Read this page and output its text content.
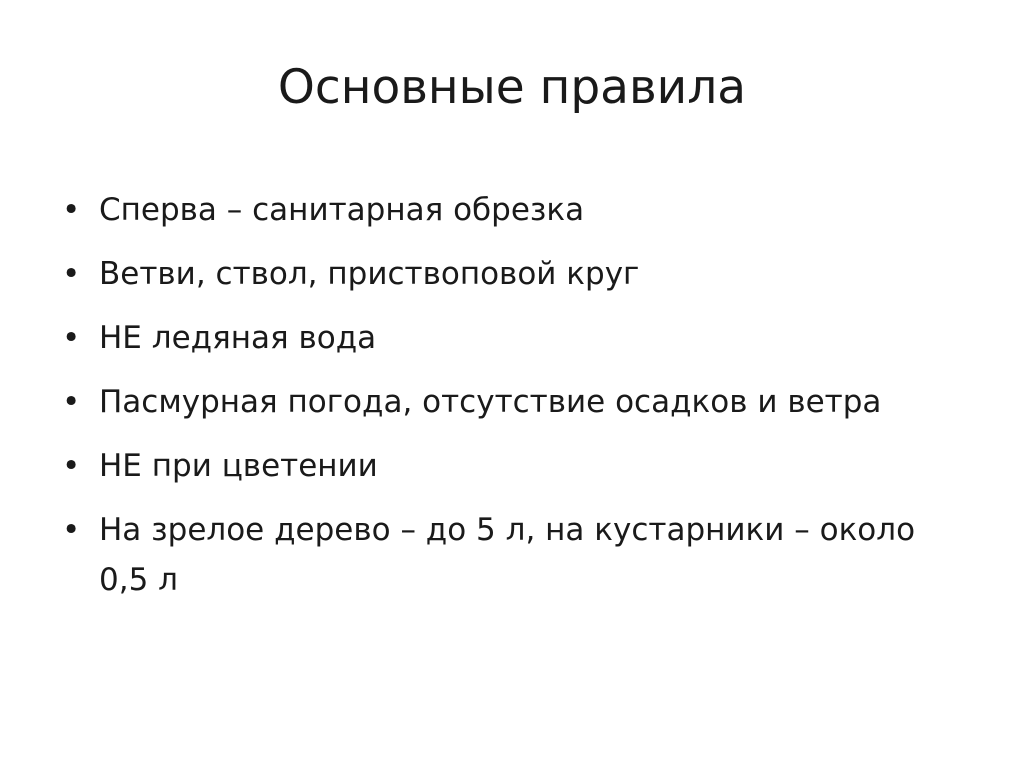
Основные правила
• Сперва – санитарная обрезка
• Ветви, ствол, приствоповой круг
• НЕ ледяная вода
• Пасмурная погода, отсутствие осадков и ветра
• НЕ при цветении
• На зрелое дерево – до 5 л, на кустарники – около 0,5 л
